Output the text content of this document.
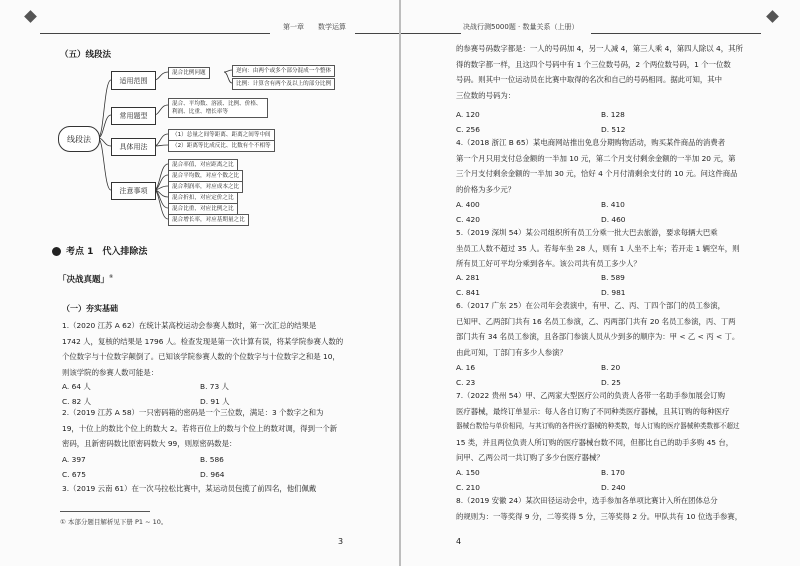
第一章 数学运算
（五）线段法
线段法
适用范围
常用题型
具体用法
注意事项
混合比例问题	逆向：由两个或多个部分混成一个整体
比例：计算含有两个及以上的部分比例
混合、平均数、溶液、比例、价格、利润、比重、增长率等
（1）总量之间等距离、距离之间等中间
（2）距离等比成反比、比数有个不相等
混合率值，对应距离之比
混合平均数，对应个数之比
混合利润率，对应成本之比
混合折扣，对应定价之比
混合比重，对应比例之比
混合增长率，对应基期量之比
考点 1　代入排除法
「决战真题」①
（一）夯实基础
1.（2020 江苏 A 62）在统计某高校运动会参赛人数时，第一次汇总的结果是
1742 人，复核的结果是 1796 人。检查发现是第一次计算有误，将某学院参赛人数的
个位数字与十位数字颠倒了。已知该学院参赛人数的个位数字与十位数字之和是 10，
则该学院的参赛人数可能是：
A. 64 人	B. 73 人
C. 82 人	D. 91 人
2.（2019 江苏 A 58）一只密码箱的密码是一个三位数，满足：3 个数字之和为
19，十位上的数比个位上的数大 2。若将百位上的数与个位上的数对调，得到一个新
密码，且新密码数比原密码数大 99，则原密码数是：
A. 397	B. 586
C. 675	D. 964
3.（2019 云南 61）在一次马拉松比赛中，某运动员包揽了前四名，他们佩戴
① 本部分题目解析见下册 P1 ~ 10。
3
决战行测5000题 · 数量关系（上册）
的参赛号码数字都是：一人的号码加 4，另一人减 4，第三人乘 4，第四人除以 4，其所
得的数字都一样，且这四个号码中有 1 个三位数号码，2 个两位数号码，1 个一位数
号码。则其中一位运动员在比赛中取得的名次和自己的号码相同。据此可知，其中
三位数的号码为：
A. 120	B. 128
C. 256	D. 512
4.（2018 浙江 B 65）某电商网站推出免息分期购物活动，购买某件商品的消费者
第一个月只用支付总金额的一半加 10 元，第二个月支付剩余金额的一半加 20 元，第
三个月支付剩余金额的一半加 30 元，恰好 4 个月付清剩余支付的 10 元。问这件商品
的价格为多少元？
A. 400	B. 410
C. 420	D. 460
5.（2019 深圳 54）某公司组织所有员工分乘一批大巴去旅游，要求每辆大巴乘
坐员工人数不超过 35 人。若每车坐 28 人，则有 1 人坐不上车；若开走 1 辆空车，则
所有员工好可平均分乘到各车。该公司共有员工多少人？
A. 281	B. 589
C. 841	D. 981
6.（2017 广东 25）在公司年会表演中，有甲、乙、丙、丁四个部门的员工参演，
已知甲、乙两部门共有 16 名员工参演，乙、丙两部门共有 20 名员工参演，丙、丁两
部门共有 34 名员工参演，且各部门参演人员从少到多的顺序为：甲 < 乙 < 丙 < 丁。
由此可知，丁部门有多少人参演？
A. 16	B. 20
C. 23	D. 25
7.（2022 贵州 54）甲、乙两家大型医疗公司的负责人各带一名助手参加展会订购
医疗器械，最终订单显示：每人各自订购了不同种类医疗器械，且其订购的每种医疗
器械台数恰与单价相同，与其订购的各件医疗器械的种类数，每人订购的医疗器械种类数都不超过
15 类，并且两位负责人所订购的医疗器械台数不同，但都比自己的助手多购 45 台，
问甲、乙两公司一共订购了多少台医疗器械？
A. 150	B. 170
C. 210	D. 240
8.（2019 安徽 24）某次田径运动会中，选手参加各单项比赛计入所在团体总分
的规则为：一等奖得 9 分，二等奖得 5 分，三等奖得 2 分。甲队共有 10 位选手参赛，
4
